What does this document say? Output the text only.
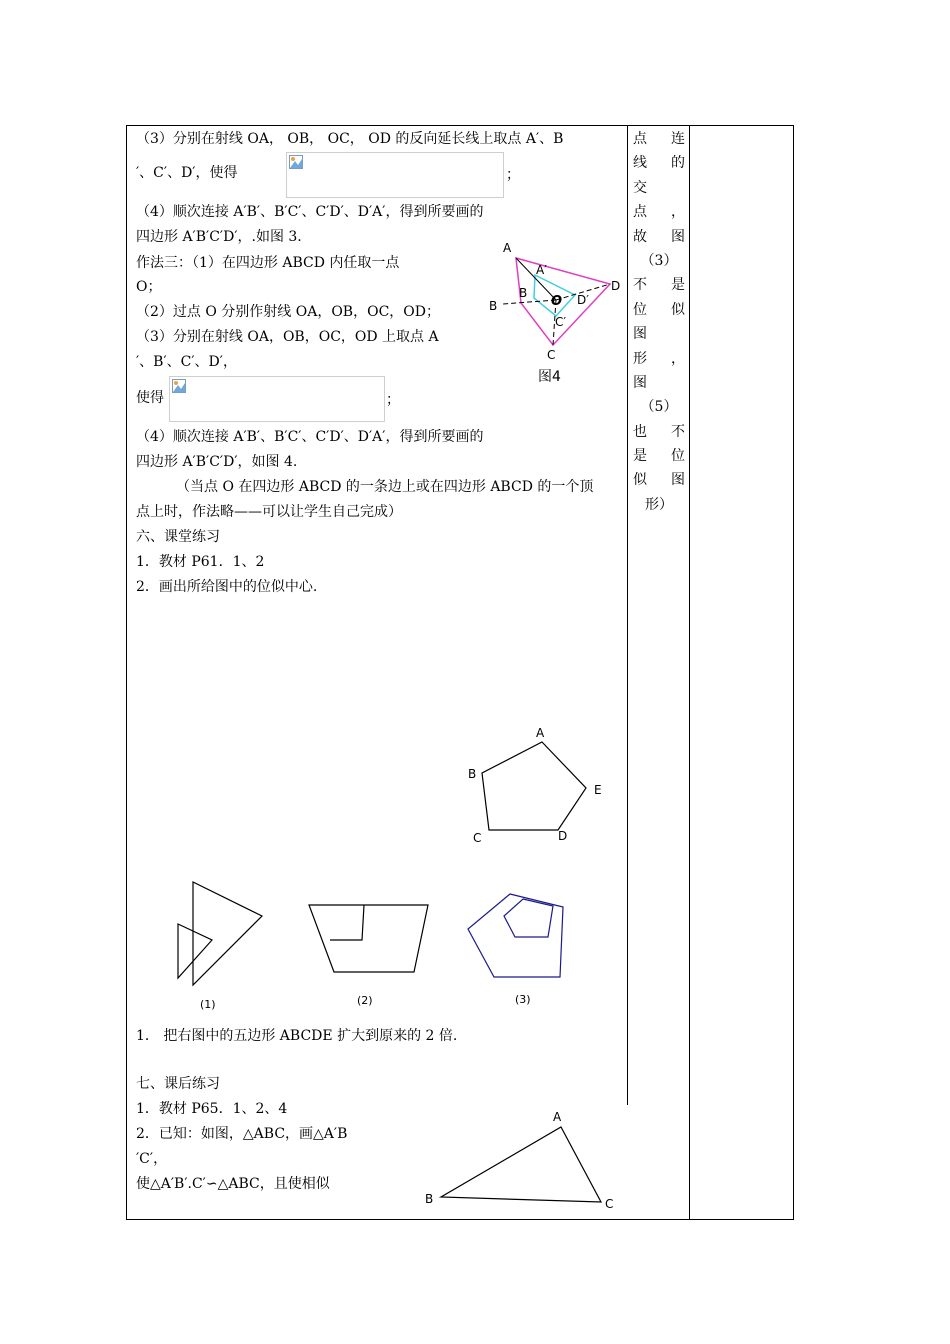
（3）分别在射线 OA， OB， OC， OD 的反向延长线上取点 A′、B
′、C′、D′，使得	；
（4）顺次连接 A′B′、B′C′、C′D′、D′A′，得到所要画的
四边形 A′B′C′D′，.如图 3.
作法三：（1）在四边形 ABCD 内任取一点
O；
（2）过点 O 分别作射线 OA，OB，OC，OD；
（3）分别在射线 OA，OB，OC，OD 上取点 A
′、B′、C′、D′，
使得	；
（4）顺次连接 A′B′、B′C′、C′D′、D′A′，得到所要画的
四边形 A′B′C′D′，如图 4.
（当点 O 在四边形 ABCD 的一条边上或在四边形 ABCD 的一个顶
点上时，作法略——可以让学生自己完成）
A
A′
B
B	O D′
D
C′
C
图4
六、课堂练习
1．教材 P61．1、2
2．画出所给图中的位似中心.
A
B
C	D
E
(1)	(2)	(3)
1． 把右图中的五边形 ABCDE 扩大到原来的 2 倍.
七、课后练习
1．教材 P65．1、2、4
2．已知：如图，△ABC，画△A′B
′C′，
使△A′B′.C′∽△ABC，且使相似
A
B	C
点 连
线 的
交
点 ，
故 图
（3）
不 是
位 似
图
形 ，
图
（5）
也 不
是 位
似 图
形）
